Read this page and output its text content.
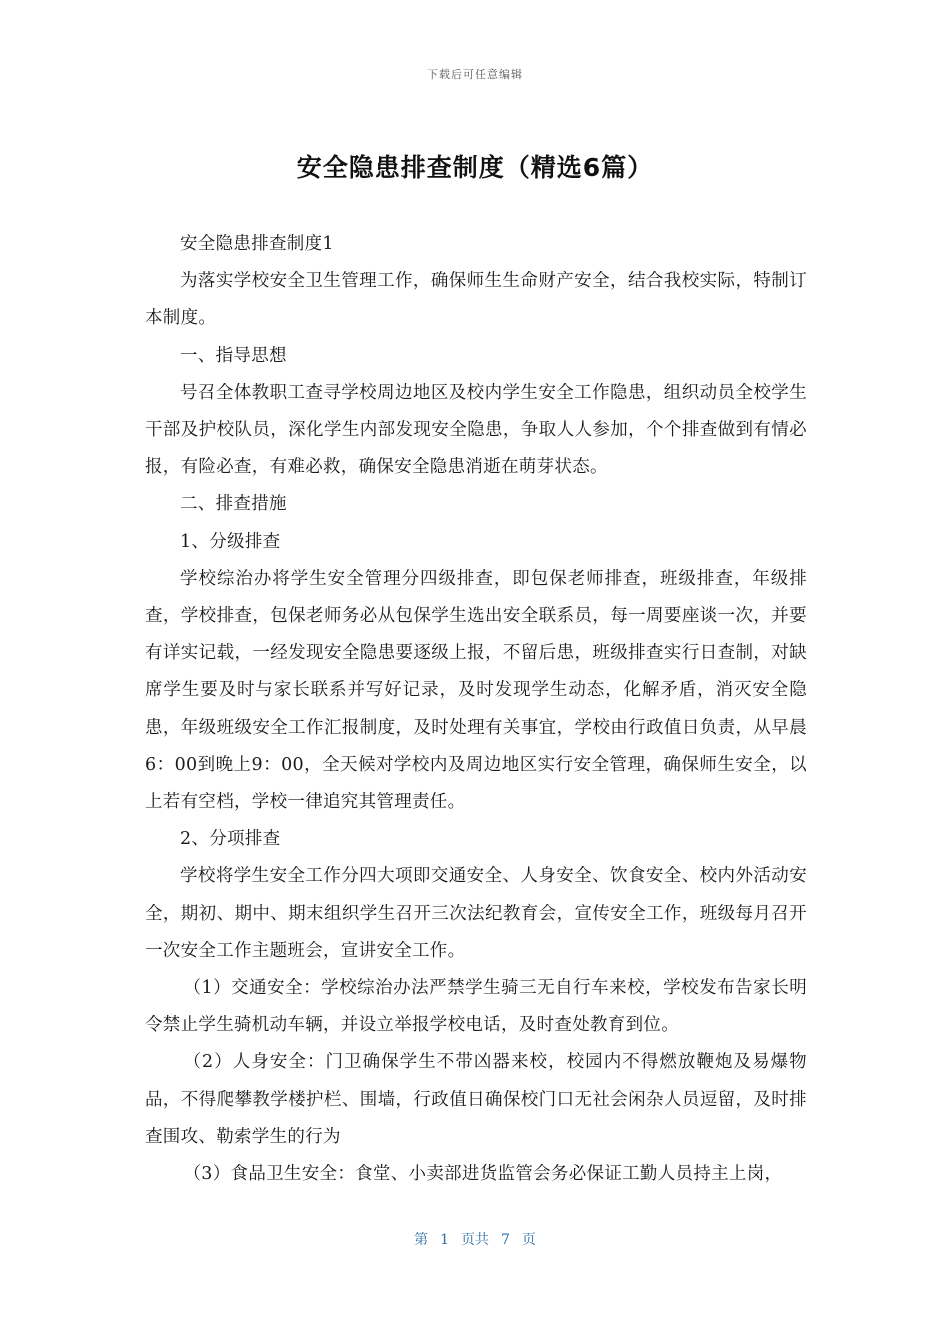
下载后可任意编辑
安全隐患排查制度（精选6篇）

安全隐患排查制度1

为落实学校安全卫生管理工作，确保师生生命财产安全，结合我校实际，特制订本制度。

一、指导思想

号召全体教职工查寻学校周边地区及校内学生安全工作隐患，组织动员全校学生干部及护校队员，深化学生内部发现安全隐患，争取人人参加，个个排查做到有情必报，有险必查，有难必救，确保安全隐患消逝在萌芽状态。

二、排查措施

1、分级排查

学校综治办将学生安全管理分四级排查，即包保老师排查，班级排查，年级排查，学校排查，包保老师务必从包保学生选出安全联系员，每一周要座谈一次，并要有详实记载，一经发现安全隐患要逐级上报，不留后患，班级排查实行日查制，对缺席学生要及时与家长联系并写好记录，及时发现学生动态，化解矛盾，消灭安全隐患，年级班级安全工作汇报制度，及时处理有关事宜，学校由行政值日负责，从早晨6：00到晚上9：00，全天候对学校内及周边地区实行安全管理，确保师生安全，以上若有空档，学校一律追究其管理责任。

2、分项排查

学校将学生安全工作分四大项即交通安全、人身安全、饮食安全、校内外活动安全，期初、期中、期末组织学生召开三次法纪教育会，宣传安全工作，班级每月召开一次安全工作主题班会，宣讲安全工作。

（1）交通安全：学校综治办法严禁学生骑三无自行车来校，学校发布告家长明令禁止学生骑机动车辆，并设立举报学校电话，及时查处教育到位。

（2）人身安全：门卫确保学生不带凶器来校，校园内不得燃放鞭炮及易爆物品，不得爬攀教学楼护栏、围墙，行政值日确保校门口无社会闲杂人员逗留，及时排查围攻、勒索学生的行为

（3）食品卫生安全：食堂、小卖部进货监管会务必保证工勤人员持主上岗，

第 1 页共 7 页
